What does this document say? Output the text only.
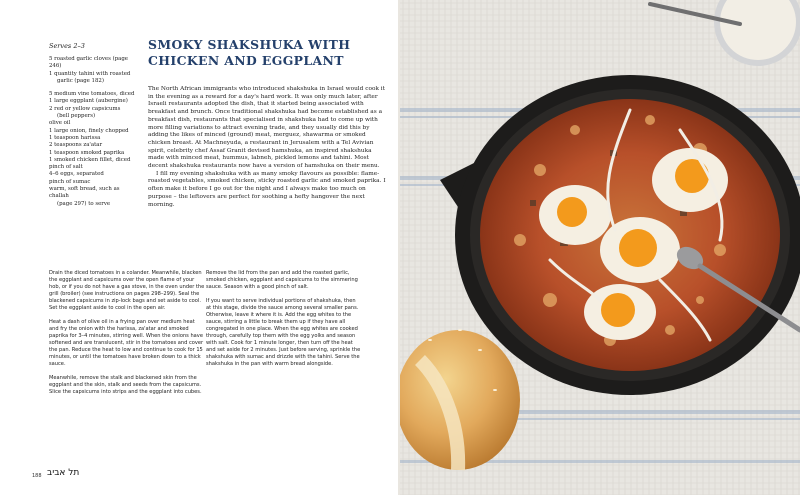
Serves 2–3
5 roasted garlic cloves (page 246)
1 quantity tahini with roasted
garlic (page 182)
5 medium vine tomatoes, diced
1 large eggplant (aubergine)
2 red or yellow capsicums
(bell peppers)
olive oil
1 large onion, finely chopped
1 teaspoon harissa
2 teaspoons za'atar
1 teaspoon smoked paprika
1 smoked chicken fillet, diced
pinch of salt
4–6 eggs, separated
pinch of sumac
warm, soft bread, such as challah
(page 297) to serve
SMOKY SHAKSHUKA WITH CHICKEN AND EGGPLANT

The North African immigrants who introduced shakshuka in Israel would cook it in the evening as a reward for a day's hard work. It was only much later, after Israeli restaurants adopted the dish, that it started being associated with breakfast and brunch. Once traditional shakshuka had become established as a breakfast dish, restaurants that specialised in shakshuka had to come up with more filling variations to attract evening trade, and they usually did this by adding the likes of minced (ground) meat, merguez, shawarma or smoked chicken breast. At Machneyuda, a restaurant in Jerusalem with a Tel Avivian spirit, celebrity chef Assaf Granit devised hamshuka, an inspired shakshuka made with minced meat, hummus, labneh, pickled lemons and tahini. Most decent shakshuka restaurants now have a version of hamshuka on their menu.

I fill my evening shakshuka with as many smoky flavours as possible: flame-roasted vegetables, smoked chicken, sticky roasted garlic and smoked paprika. I often make it before I go out for the night and I always make too much on purpose – the leftovers are perfect for soothing a hefty hangover the next morning.

Drain the diced tomatoes in a colander. Meanwhile, blacken the eggplant and capsicums over the open flame of your hob, or if you do not have a gas stove, in the oven under the grill (broiler) (see instructions on pages 298–299). Seal the blackened capsicums in zip-lock bags and set aside to cool. Set the eggplant aside to cool in the open air.

Heat a dash of olive oil in a frying pan over medium heat and fry the onion with the harissa, za'atar and smoked paprika for 3–4 minutes, stirring well. When the onions have softened and are translucent, stir in the tomatoes and cover the pan. Reduce the heat to low and continue to cook for 15 minutes, or until the tomatoes have broken down to a thick sauce.

Meanwhile, remove the stalk and blackened skin from the eggplant and the skin, stalk and seeds from the capsicums. Slice the capsicums into strips and the eggplant into cubes.

Remove the lid from the pan and add the roasted garlic, smoked chicken, eggplant and capsicums to the simmering sauce. Season with a good pinch of salt.

If you want to serve individual portions of shakshuka, then at this stage, divide the sauce among several smaller pans. Otherwise, leave it where it is. Add the egg whites to the sauce, stirring a little to break them up if they have all congregated in one place. When the egg whites are cooked through, carefully top them with the egg yolks and season with salt. Cook for 1 minute longer, then turn off the heat and set aside for 2 minutes. Just before serving, sprinkle the shakshuka with sumac and drizzle with the tahini. Serve the shakshuka in the pan with warm bread alongside.

188 תל אביב
